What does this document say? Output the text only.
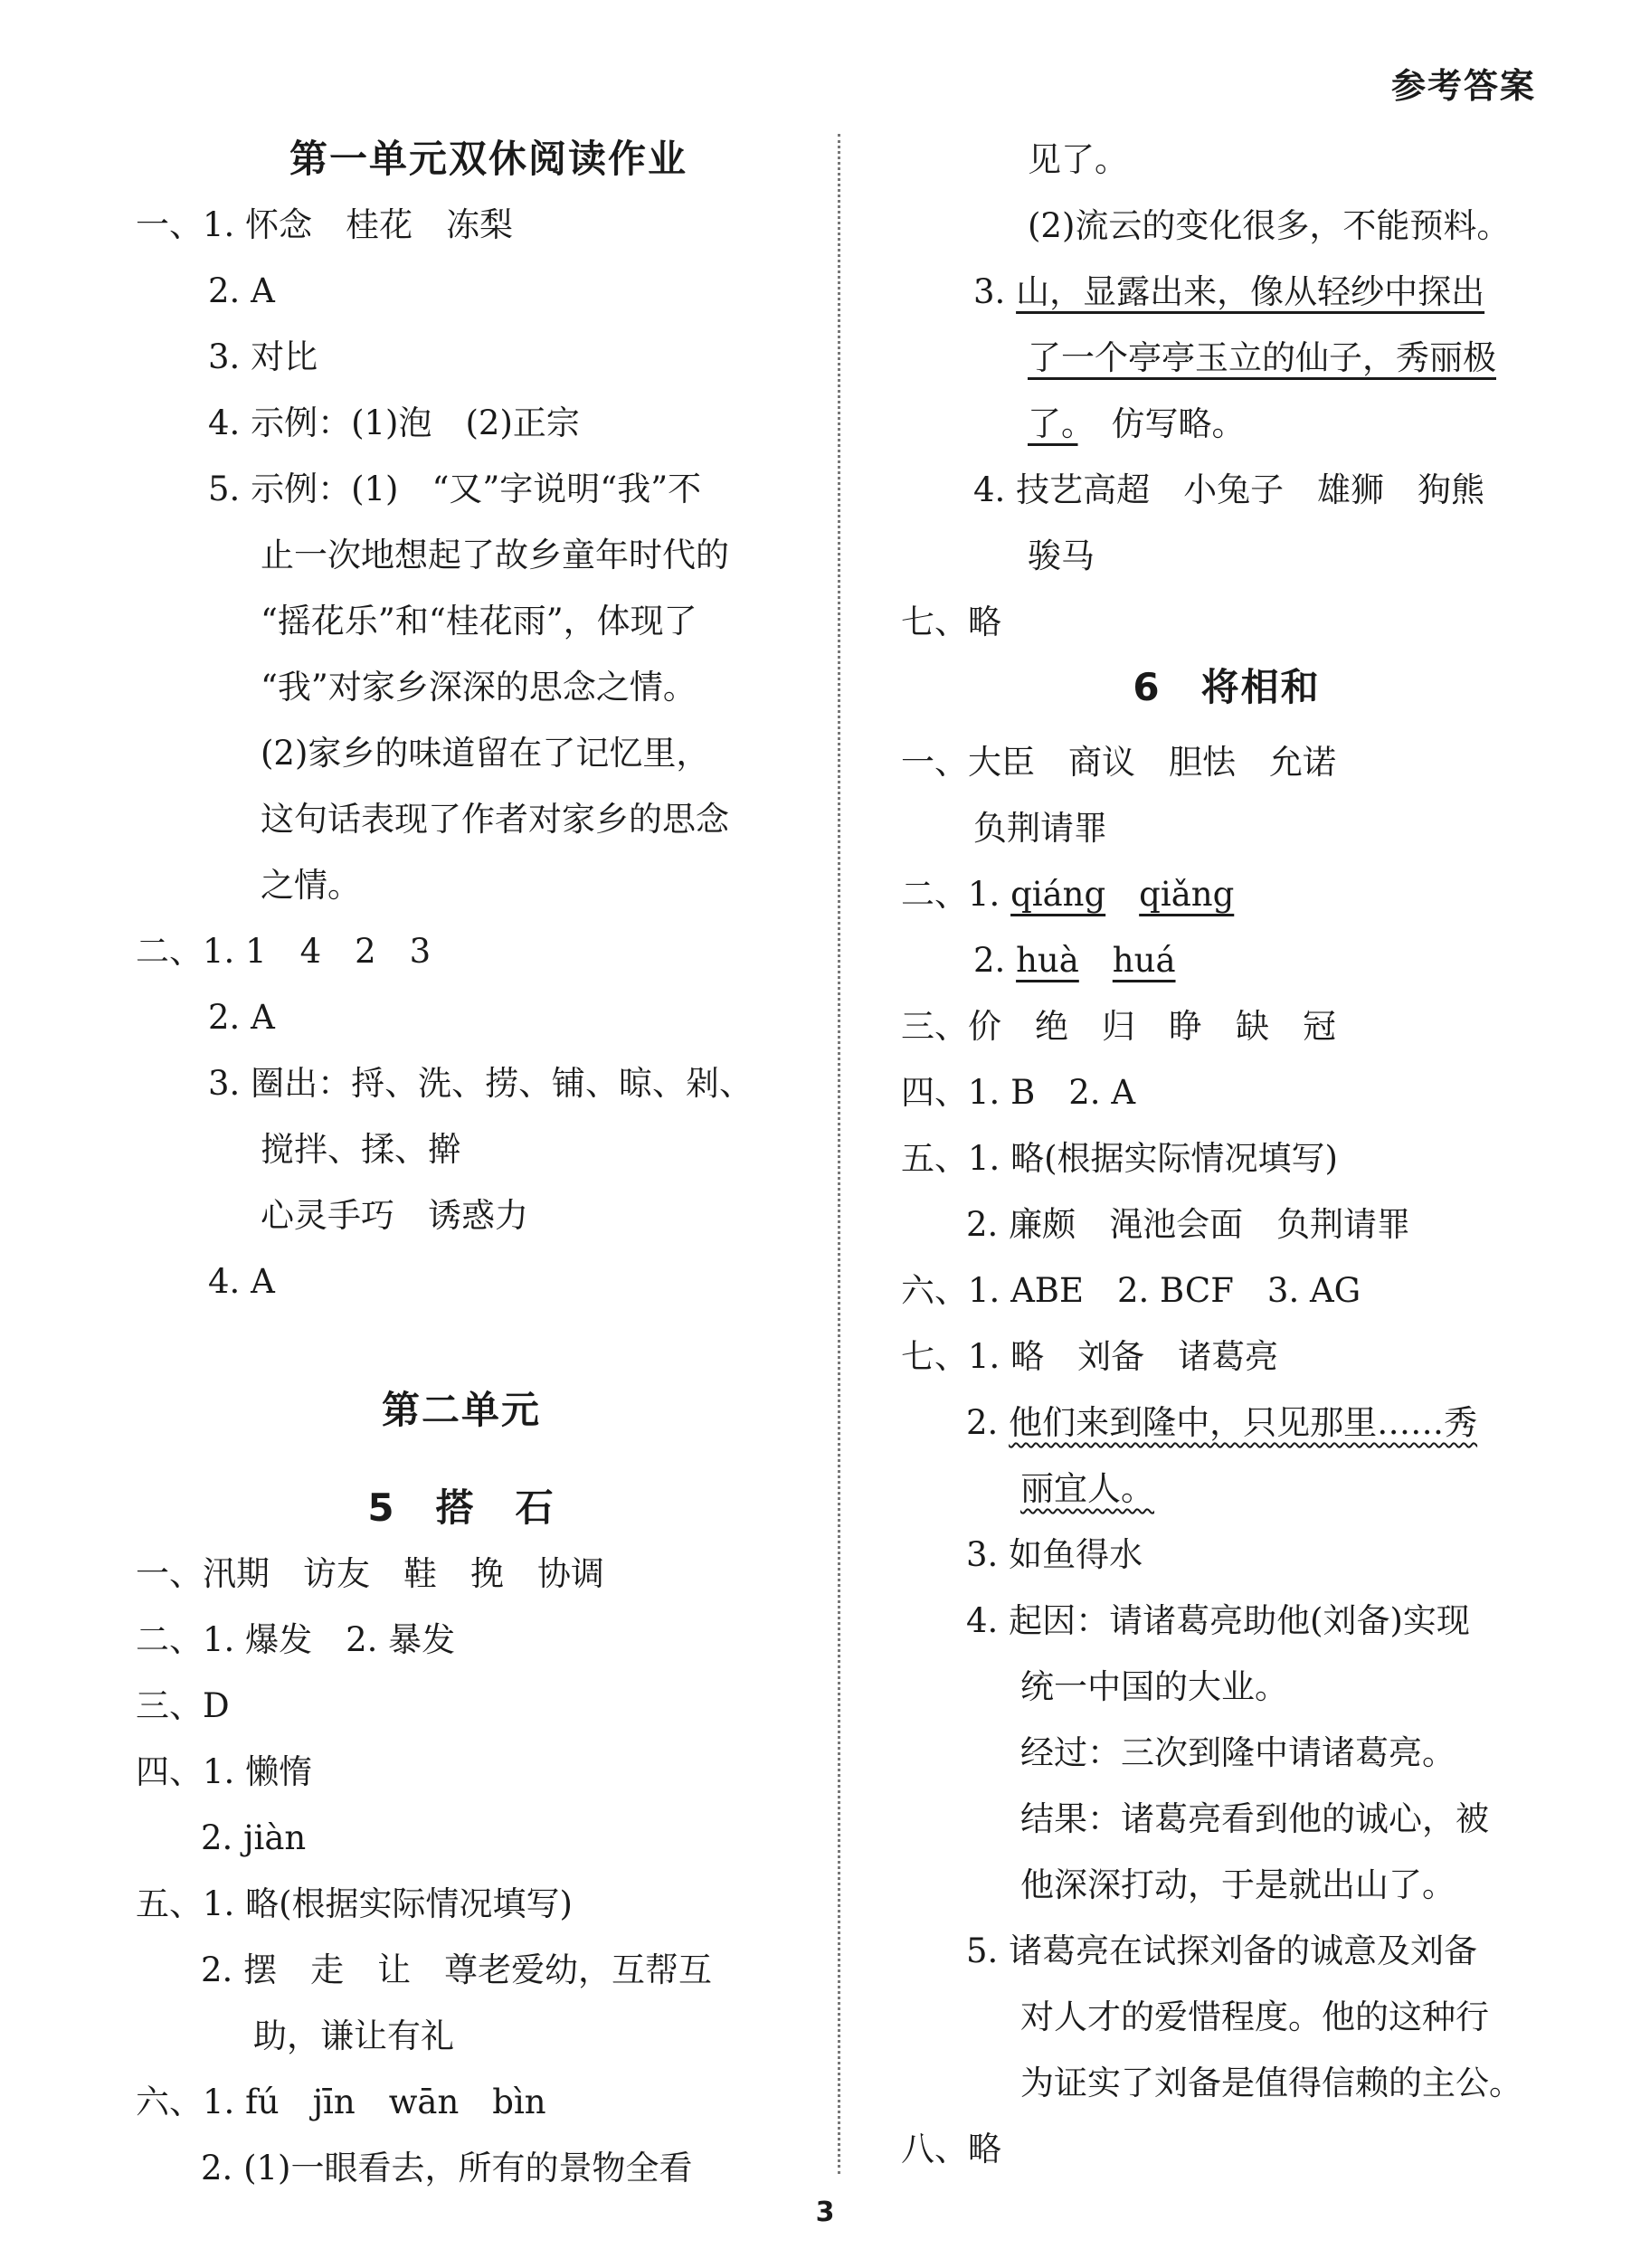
参考答案
第一单元双休阅读作业
一、1. 怀念　桂花　冻梨
2. A
3. 对比
4. 示例：(1)泡　(2)正宗
5. 示例：(1)　“又”字说明“我”不
止一次地想起了故乡童年时代的
“摇花乐”和“桂花雨”，体现了
“我”对家乡深深的思念之情。
(2)家乡的味道留在了记忆里，
这句话表现了作者对家乡的思念
之情。
二、1. 1　4　2　3
2. A
3. 圈出：捋、洗、捞、铺、晾、剁、
搅拌、揉、擀
心灵手巧　诱惑力
4. A
第二单元
5　搭　石
一、汛期　访友　鞋　挽　协调
二、1. 爆发　2. 暴发
三、D
四、1. 懒惰
2. jiàn
五、1. 略(根据实际情况填写)
2. 摆　走　让　尊老爱幼，互帮互
助，谦让有礼
六、1. fú　jīn　wān　bìn
2. (1)一眼看去，所有的景物全看
见了。
(2)流云的变化很多，不能预料。
3. 山，显露出来，像从轻纱中探出
了一个亭亭玉立的仙子，秀丽极
了。　仿写略。
4. 技艺高超　小兔子　雄狮　狗熊
骏马
七、略
6　将相和
一、大臣　商议　胆怯　允诺
负荆请罪
二、1. qiáng　 qiǎng
2. huà　 huá
三、价　绝　归　睁　缺　冠
四、1. B　2. A
五、1. 略(根据实际情况填写)
2. 廉颇　渑池会面　负荆请罪
六、1. ABE　2. BCF　3. AG
七、1. 略　刘备　诸葛亮
2. 他们来到隆中，只见那里……秀
丽宜人。
3. 如鱼得水
4. 起因：请诸葛亮助他(刘备)实现
统一中国的大业。
经过：三次到隆中请诸葛亮。
结果：诸葛亮看到他的诚心，被
他深深打动，于是就出山了。
5. 诸葛亮在试探刘备的诚意及刘备
对人才的爱惜程度。他的这种行
为证实了刘备是值得信赖的主公。
八、略
3
